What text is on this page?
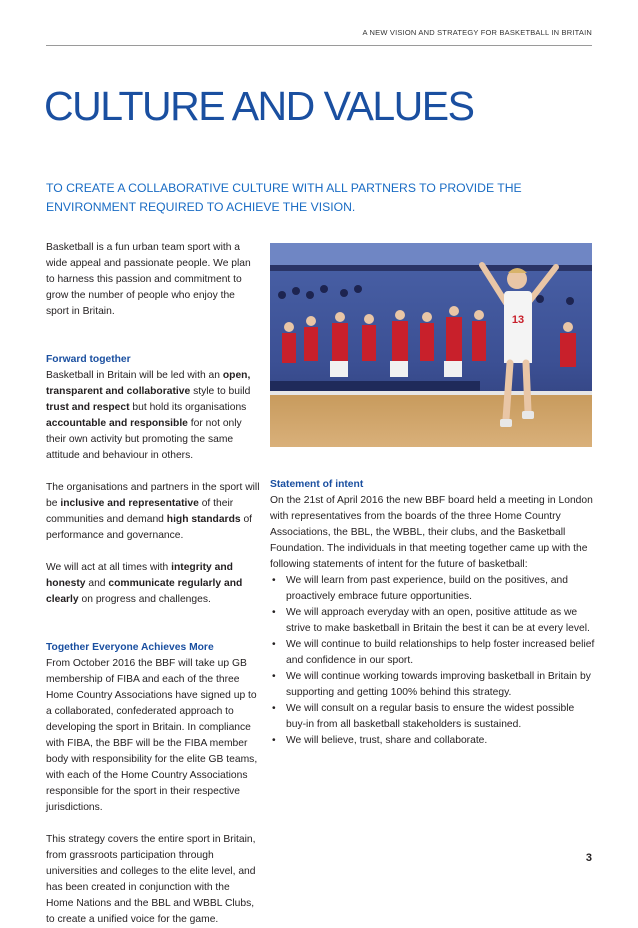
A NEW VISION AND STRATEGY FOR BASKETBALL IN BRITAIN
CULTURE AND VALUES

TO CREATE A COLLABORATIVE CULTURE WITH ALL PARTNERS TO PROVIDE THE ENVIRONMENT REQUIRED TO ACHIEVE THE VISION.

Basketball is a fun urban team sport with a wide appeal and passionate people. We plan to harness this passion and commitment to grow the number of people who enjoy the sport in Britain.

Forward together

Basketball in Britain will be led with an open, transparent and collaborative style to build trust and respect but hold its organisations accountable and responsible for not only their own activity but promoting the same attitude and behaviour in others.

The organisations and partners in the sport will be inclusive and representative of their communities and demand high standards of performance and governance.

We will act at all times with integrity and honesty and communicate regularly and clearly on progress and challenges.

Together Everyone Achieves More

From October 2016 the BBF will take up GB membership of FIBA and each of the three Home Country Associations have signed up to a collaborated, confederated approach to developing the sport in Britain. In compliance with FIBA, the BBF will be the FIBA member body with responsibility for the elite GB teams, with each of the Home Country Associations responsible for the sport in their respective jurisdictions.

This strategy covers the entire sport in Britain, from grassroots participation through universities and colleges to the elite level, and has been created in conjunction with the Home Nations and the BBL and WBBL Clubs, to create a unified voice for the game.

13
Statement of intent

On the 21st of April 2016 the new BBF board held a meeting in London with representatives from the boards of the three Home Country Associations, the BBL, the WBBL, their clubs, and the Basketball Foundation. The individuals in that meeting together came up with the following statements of intent for the future of basketball:

• We will learn from past experience, build on the positives, and proactively embrace future opportunities.
• We will approach everyday with an open, positive attitude as we strive to make basketball in Britain the best it can be at every level.
• We will continue to build relationships to help foster increased belief and confidence in our sport.
• We will continue working towards improving basketball in Britain by supporting and getting 100% behind this strategy.
• We will consult on a regular basis to ensure the widest possible buy-in from all basketball stakeholders is sustained.
• We will believe, trust, share and collaborate.
3
